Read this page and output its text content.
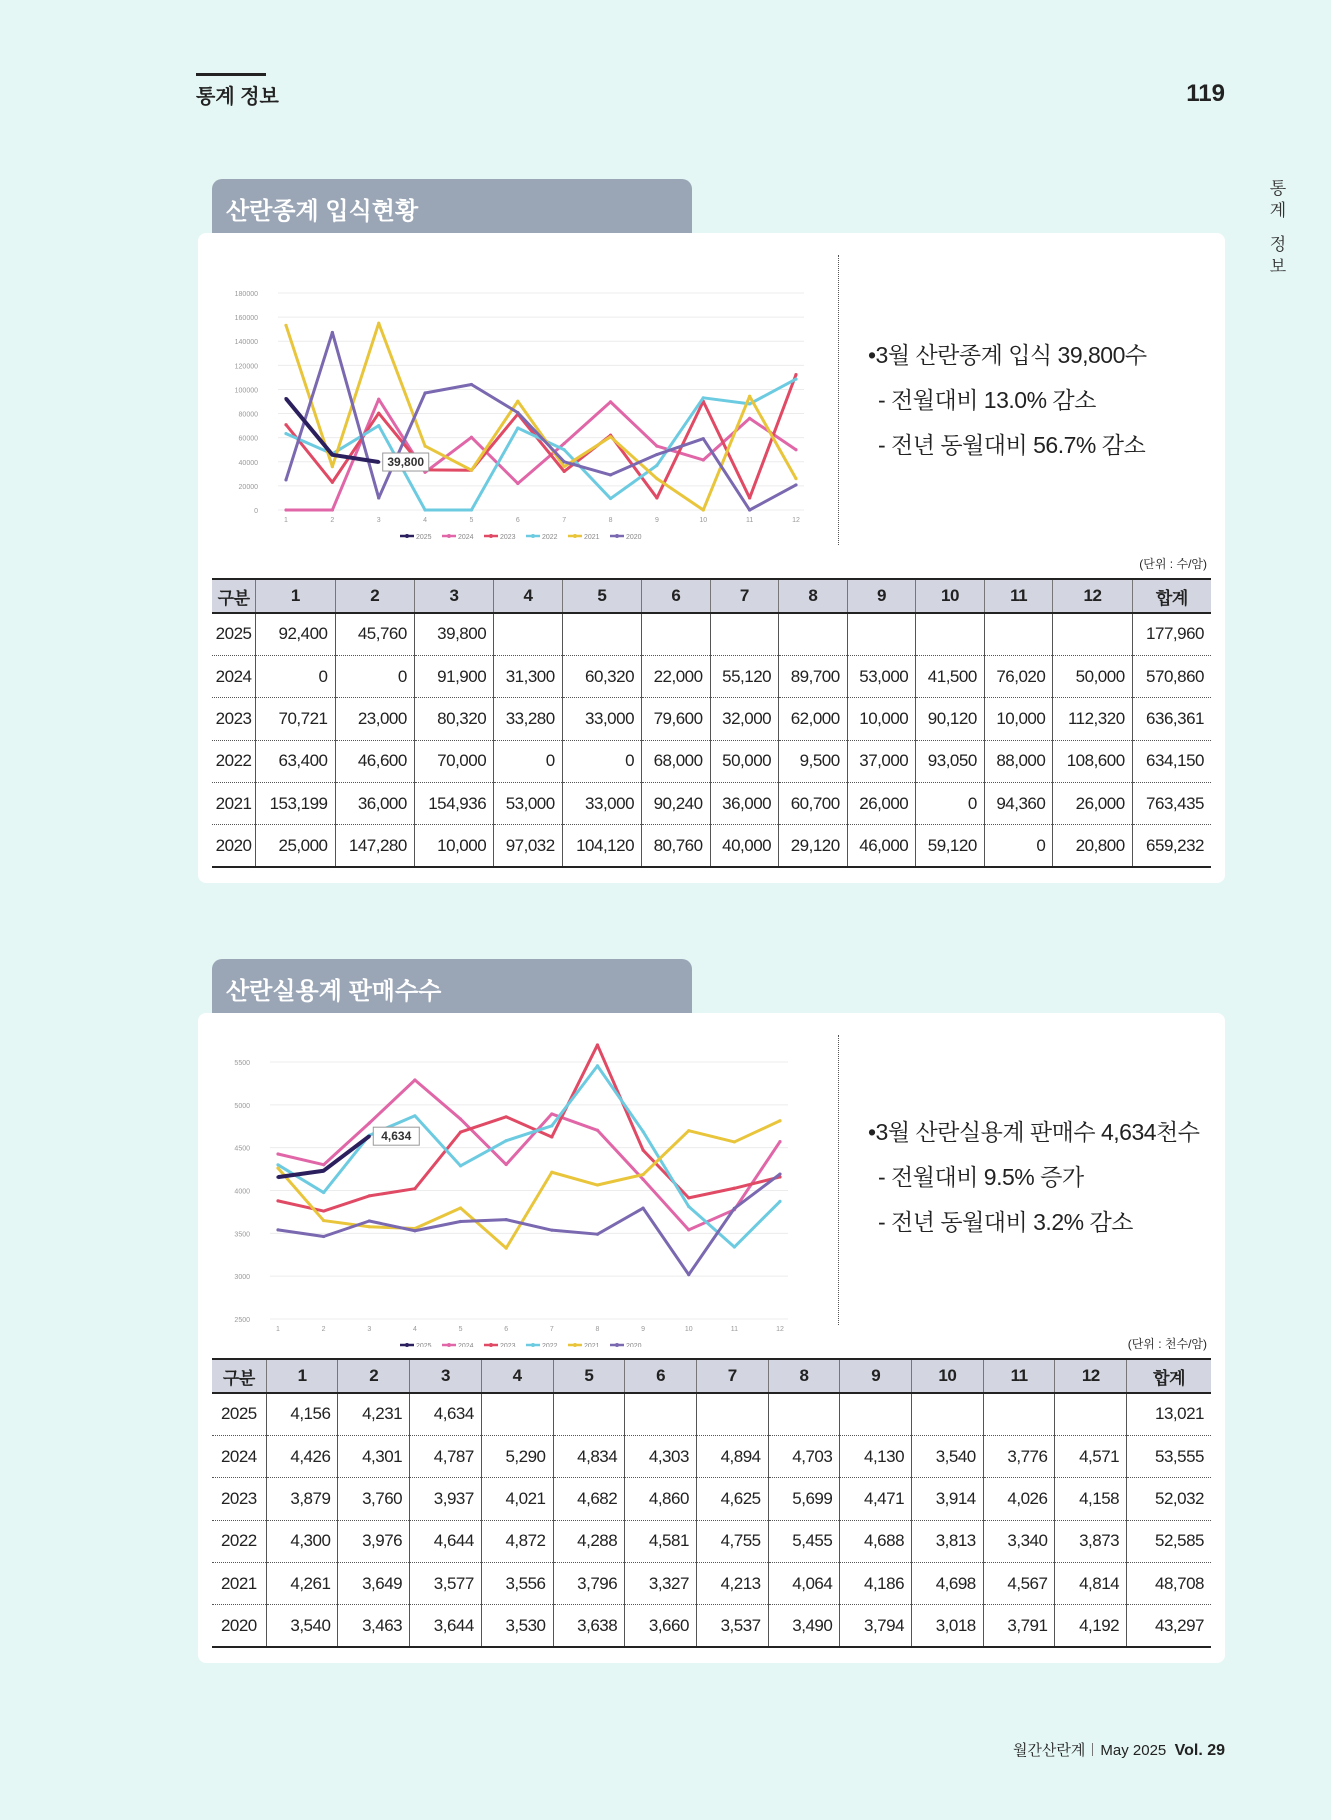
통계 정보	119
통
계
정
보
산란종계 입식현황
0
20000
40000
60000
80000
100000
120000
140000
160000
180000
1	2	3	4	5	6	7	8	9	10	11	12
39,800
2025	2024	2023	2022	2021	2020
•3월 산란종계 입식 39,800수
- 전월대비 13.0% 감소
- 전년 동월대비 56.7% 감소
(단위 : 수/암)
구분	1	2	3	4	5	6	7	8	9	10	11	12	합계
2025	92,400	45,760	39,800										177,960
2024	0	0	91,900	31,300	60,320	22,000	55,120	89,700	53,000	41,500	76,020	50,000	570,860
2023	70,721	23,000	80,320	33,280	33,000	79,600	32,000	62,000	10,000	90,120	10,000	112,320	636,361
2022	63,400	46,600	70,000	0	0	68,000	50,000	9,500	37,000	93,050	88,000	108,600	634,150
2021	153,199	36,000	154,936	53,000	33,000	90,240	36,000	60,700	26,000	0	94,360	26,000	763,435
2020	25,000	147,280	10,000	97,032	104,120	80,760	40,000	29,120	46,000	59,120	0	20,800	659,232
산란실용계 판매수수
2500
3000
3500
4000
4500
5000
5500
1	2	3	4	5	6	7	8	9	10	11	12
4,634
2025	2024	2023	2022	2021	2020
•3월 산란실용계 판매수 4,634천수
- 전월대비 9.5% 증가
- 전년 동월대비 3.2% 감소
(단위 : 천수/암)
구분	1	2	3	4	5	6	7	8	9	10	11	12	합계
2025	4,156	4,231	4,634										13,021
2024	4,426	4,301	4,787	5,290	4,834	4,303	4,894	4,703	4,130	3,540	3,776	4,571	53,555
2023	3,879	3,760	3,937	4,021	4,682	4,860	4,625	5,699	4,471	3,914	4,026	4,158	52,032
2022	4,300	3,976	4,644	4,872	4,288	4,581	4,755	5,455	4,688	3,813	3,340	3,873	52,585
2021	4,261	3,649	3,577	3,556	3,796	3,327	4,213	4,064	4,186	4,698	4,567	4,814	48,708
2020	3,540	3,463	3,644	3,530	3,638	3,660	3,537	3,490	3,794	3,018	3,791	4,192	43,297
월간산란계 May 2025 Vol. 29
